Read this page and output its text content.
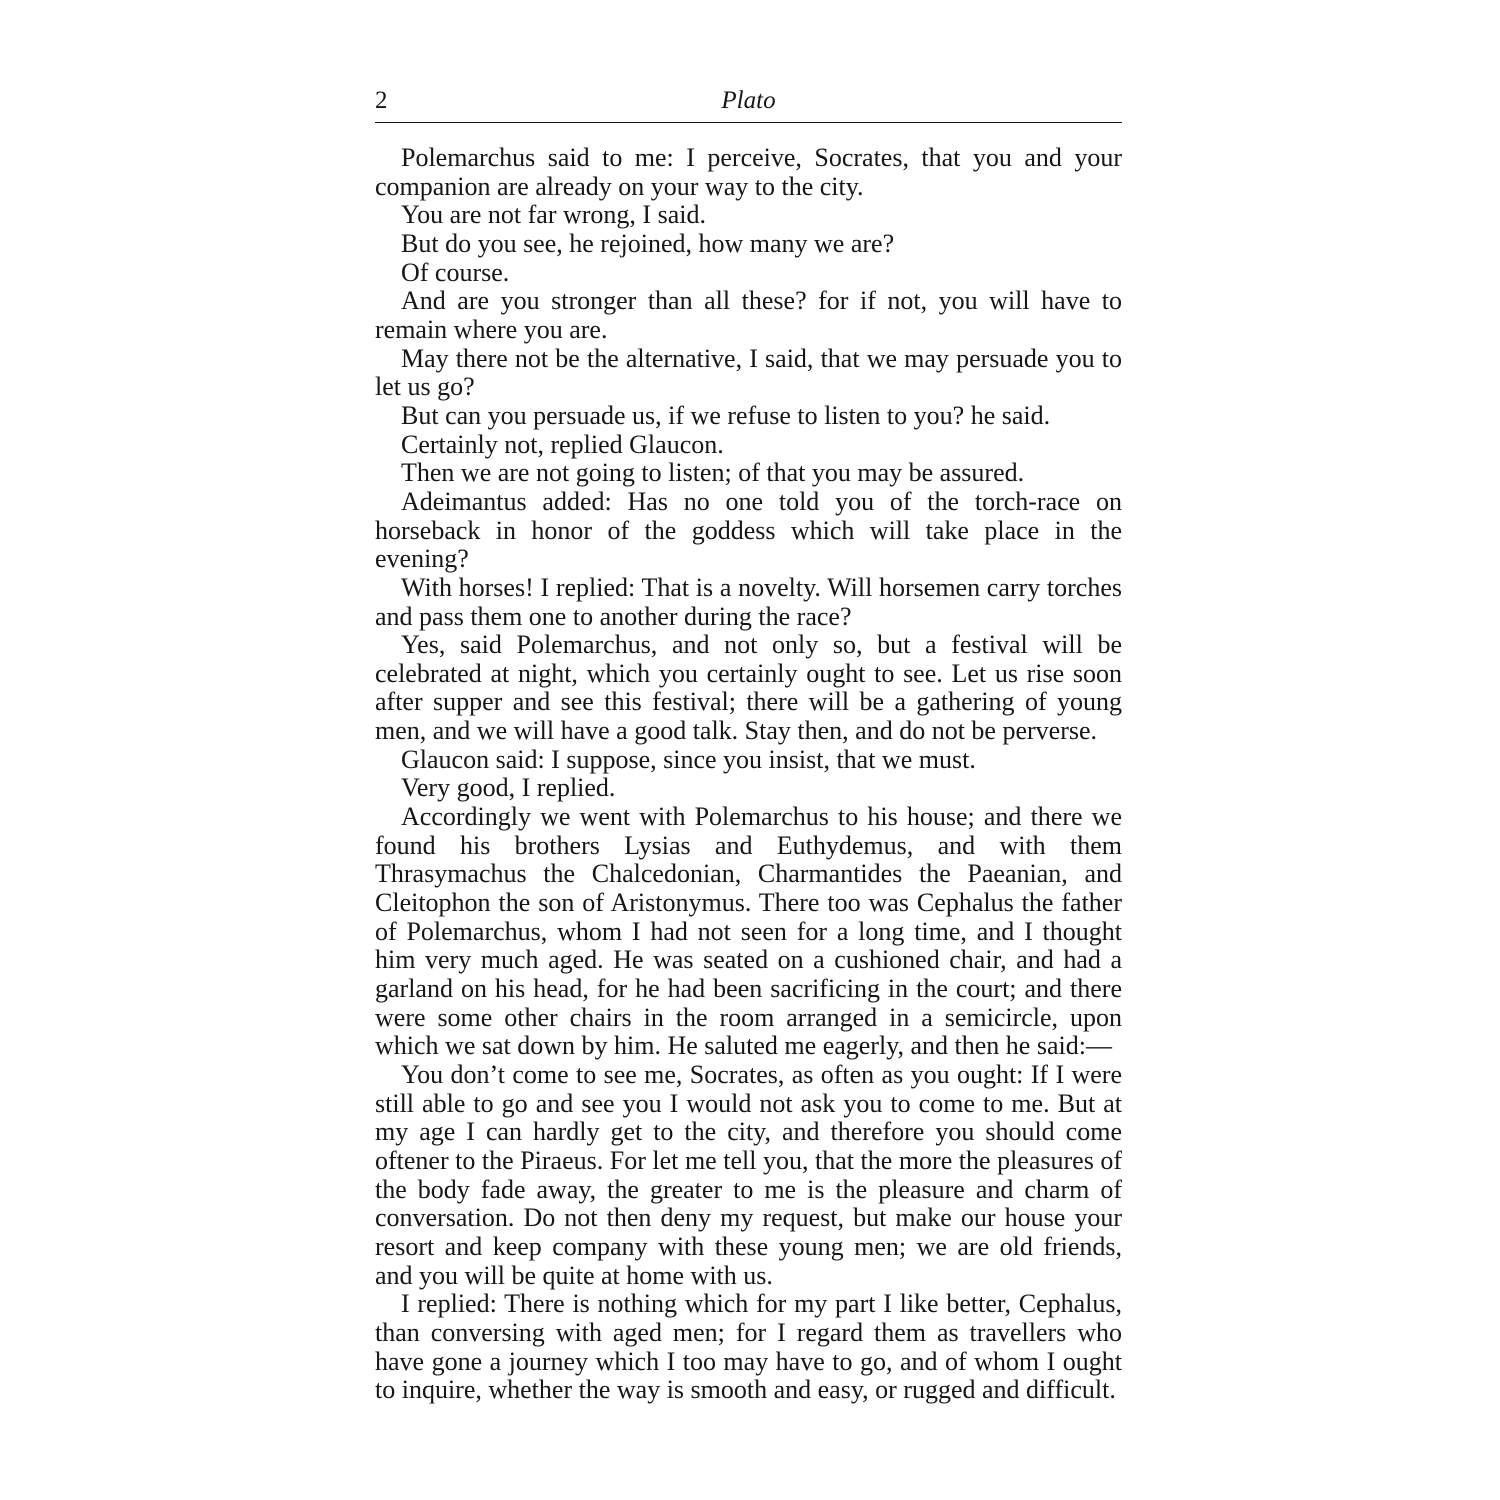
2	Plato

Polemarchus said to me: I perceive, Socrates, that you and your companion are already on your way to the city.

You are not far wrong, I said.

But do you see, he rejoined, how many we are?

Of course.

And are you stronger than all these? for if not, you will have to remain where you are.

May there not be the alternative, I said, that we may persuade you to let us go?

But can you persuade us, if we refuse to listen to you? he said.

Certainly not, replied Glaucon.

Then we are not going to listen; of that you may be assured.

Adeimantus added: Has no one told you of the torch-race on horseback in honor of the goddess which will take place in the evening?

With horses! I replied: That is a novelty. Will horsemen carry torches and pass them one to another during the race?

Yes, said Polemarchus, and not only so, but a festival will be celebrated at night, which you certainly ought to see. Let us rise soon after supper and see this festival; there will be a gathering of young men, and we will have a good talk. Stay then, and do not be perverse.

Glaucon said: I suppose, since you insist, that we must.

Very good, I replied.

Accordingly we went with Polemarchus to his house; and there we found his brothers Lysias and Euthydemus, and with them Thrasymachus the Chalcedonian, Charmantides the Paeanian, and Cleitophon the son of Aristonymus. There too was Cephalus the father of Polemarchus, whom I had not seen for a long time, and I thought him very much aged. He was seated on a cushioned chair, and had a garland on his head, for he had been sacrificing in the court; and there were some other chairs in the room arranged in a semicircle, upon which we sat down by him. He saluted me eagerly, and then he said:—

You don’t come to see me, Socrates, as often as you ought: If I were still able to go and see you I would not ask you to come to me. But at my age I can hardly get to the city, and therefore you should come oftener to the Piraeus. For let me tell you, that the more the pleasures of the body fade away, the greater to me is the pleasure and charm of conversation. Do not then deny my request, but make our house your resort and keep company with these young men; we are old friends, and you will be quite at home with us.

I replied: There is nothing which for my part I like better, Cephalus, than conversing with aged men; for I regard them as travellers who have gone a journey which I too may have to go, and of whom I ought to inquire, whether the way is smooth and easy, or rugged and difficult.
